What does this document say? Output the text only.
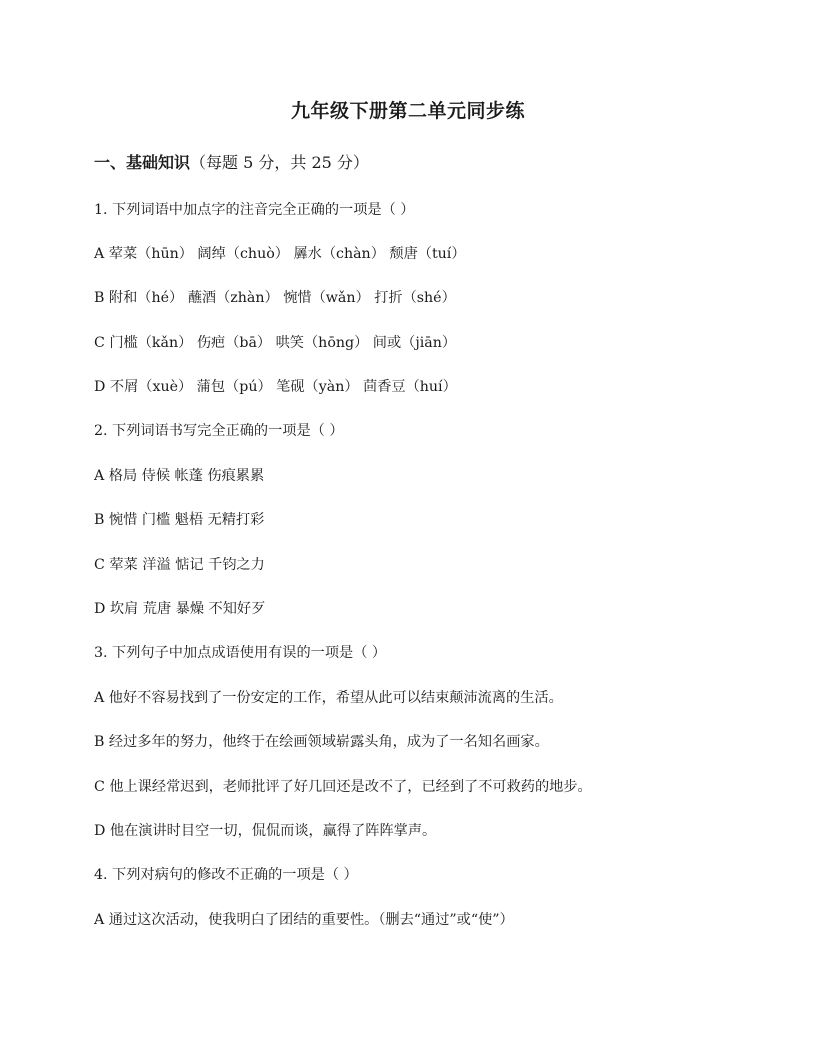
九年级下册第二单元同步练
一、基础知识（每题 5 分，共 25 分）
1. 下列词语中加点字的注音完全正确的一项是（ ）
A 荤菜（hūn） 阔绰（chuò） 羼水（chàn） 颓唐（tuí）
B 附和（hé） 蘸酒（zhàn） 惋惜（wǎn） 打折（shé）
C 门槛（kǎn） 伤疤（bā） 哄笑（hōng） 间或（jiān）
D 不屑（xuè） 蒲包（pú） 笔砚（yàn） 茴香豆（huí）
2. 下列词语书写完全正确的一项是（ ）
A 格局 侍候 帐蓬 伤痕累累
B 惋惜 门槛 魁梧 无精打彩
C 荤菜 洋溢 惦记 千钧之力
D 坎肩 荒唐 暴燥 不知好歹
3. 下列句子中加点成语使用有误的一项是（ ）
A 他好不容易找到了一份安定的工作，希望从此可以结束颠沛流离的生活。
B 经过多年的努力，他终于在绘画领域崭露头角，成为了一名知名画家。
C 他上课经常迟到，老师批评了好几回还是改不了，已经到了不可救药的地步。
D 他在演讲时目空一切，侃侃而谈，赢得了阵阵掌声。
4. 下列对病句的修改不正确的一项是（ ）
A 通过这次活动，使我明白了团结的重要性。（删去“通过”或“使”）
